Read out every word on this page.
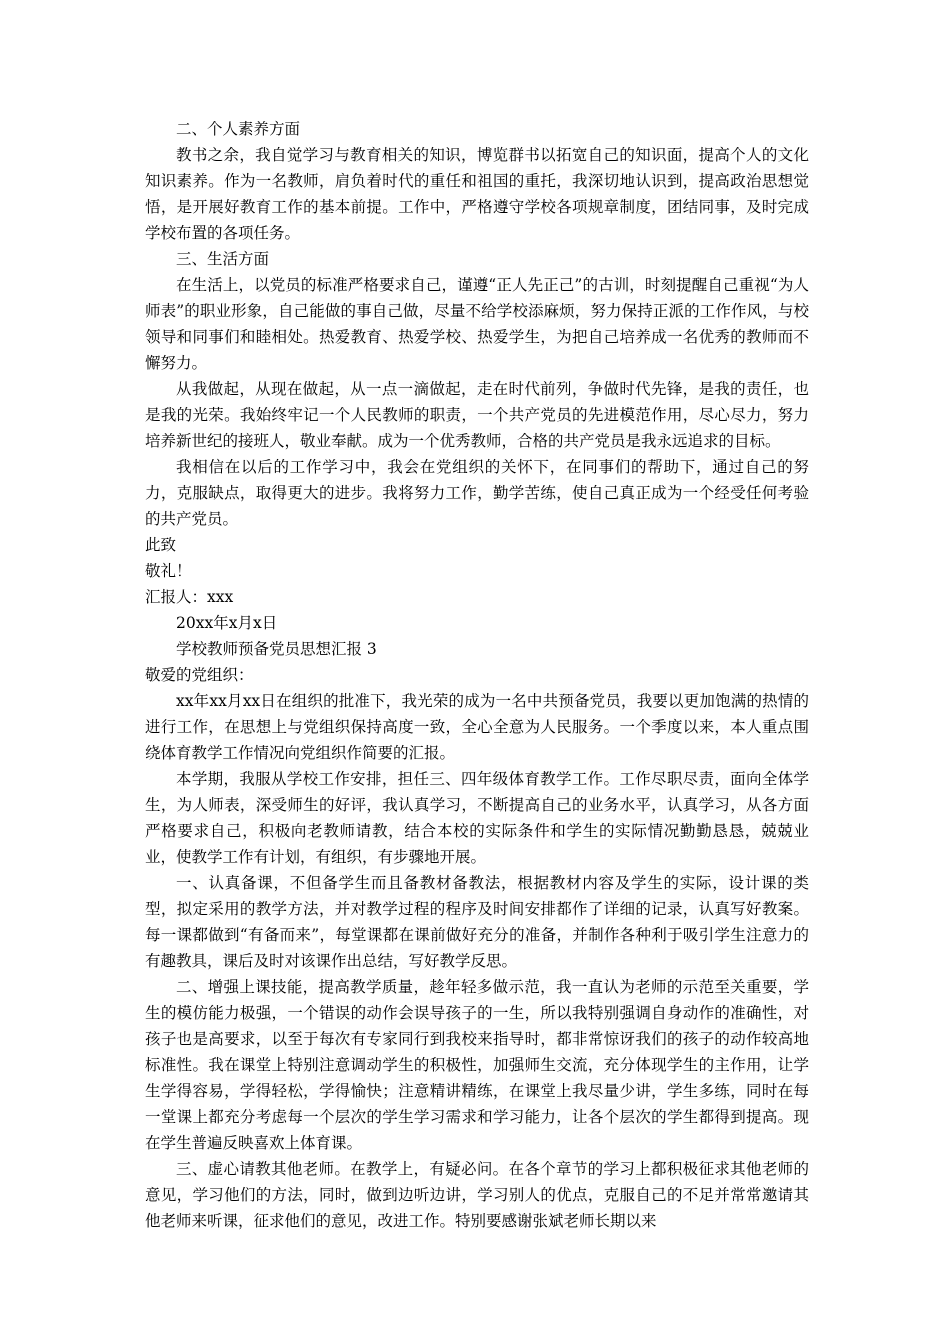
二、个人素养方面

教书之余，我自觉学习与教育相关的知识，博览群书以拓宽自己的知识面，提高个人的文化知识素养。作为一名教师，肩负着时代的重任和祖国的重托，我深切地认识到，提高政治思想觉悟，是开展好教育工作的基本前提。工作中，严格遵守学校各项规章制度，团结同事，及时完成学校布置的各项任务。

三、生活方面

在生活上，以党员的标准严格要求自己，谨遵“正人先正己”的古训，时刻提醒自己重视“为人师表”的职业形象，自己能做的事自己做，尽量不给学校添麻烦，努力保持正派的工作作风，与校领导和同事们和睦相处。热爱教育、热爱学校、热爱学生，为把自己培养成一名优秀的教师而不懈努力。

从我做起，从现在做起，从一点一滴做起，走在时代前列，争做时代先锋，是我的责任，也是我的光荣。我始终牢记一个人民教师的职责，一个共产党员的先进模范作用，尽心尽力，努力培养新世纪的接班人，敬业奉献。成为一个优秀教师，合格的共产党员是我永远追求的目标。

我相信在以后的工作学习中，我会在党组织的关怀下，在同事们的帮助下，通过自己的努力，克服缺点，取得更大的进步。我将努力工作，勤学苦练，使自己真正成为一个经受任何考验的共产党员。

此致

敬礼！

汇报人：xxx

20xx年x月x日

学校教师预备党员思想汇报 3

敬爱的党组织：

xx年xx月xx日在组织的批准下，我光荣的成为一名中共预备党员，我要以更加饱满的热情的进行工作，在思想上与党组织保持高度一致，全心全意为人民服务。一个季度以来，本人重点围绕体育教学工作情况向党组织作简要的汇报。

本学期，我服从学校工作安排，担任三、四年级体育教学工作。工作尽职尽责，面向全体学生，为人师表，深受师生的好评，我认真学习，不断提高自己的业务水平，认真学习，从各方面严格要求自己，积极向老教师请教，结合本校的实际条件和学生的实际情况勤勤恳恳，兢兢业业，使教学工作有计划，有组织，有步骤地开展。

一、认真备课，不但备学生而且备教材备教法，根据教材内容及学生的实际，设计课的类型，拟定采用的教学方法，并对教学过程的程序及时间安排都作了详细的记录，认真写好教案。每一课都做到“有备而来”，每堂课都在课前做好充分的准备，并制作各种利于吸引学生注意力的有趣教具，课后及时对该课作出总结，写好教学反思。

二、增强上课技能，提高教学质量，趁年轻多做示范，我一直认为老师的示范至关重要，学生的模仿能力极强，一个错误的动作会误导孩子的一生，所以我特别强调自身动作的准确性，对孩子也是高要求，以至于每次有专家同行到我校来指导时，都非常惊讶我们的孩子的动作较高地标准性。我在课堂上特别注意调动学生的积极性，加强师生交流，充分体现学生的主作用，让学生学得容易，学得轻松，学得愉快；注意精讲精练，在课堂上我尽量少讲，学生多练，同时在每一堂课上都充分考虑每一个层次的学生学习需求和学习能力，让各个层次的学生都得到提高。现在学生普遍反映喜欢上体育课。

三、虚心请教其他老师。在教学上，有疑必问。在各个章节的学习上都积极征求其他老师的意见，学习他们的方法，同时，做到边听边讲，学习别人的优点，克服自己的不足并常常邀请其他老师来听课，征求他们的意见，改进工作。特别要感谢张斌老师长期以来
